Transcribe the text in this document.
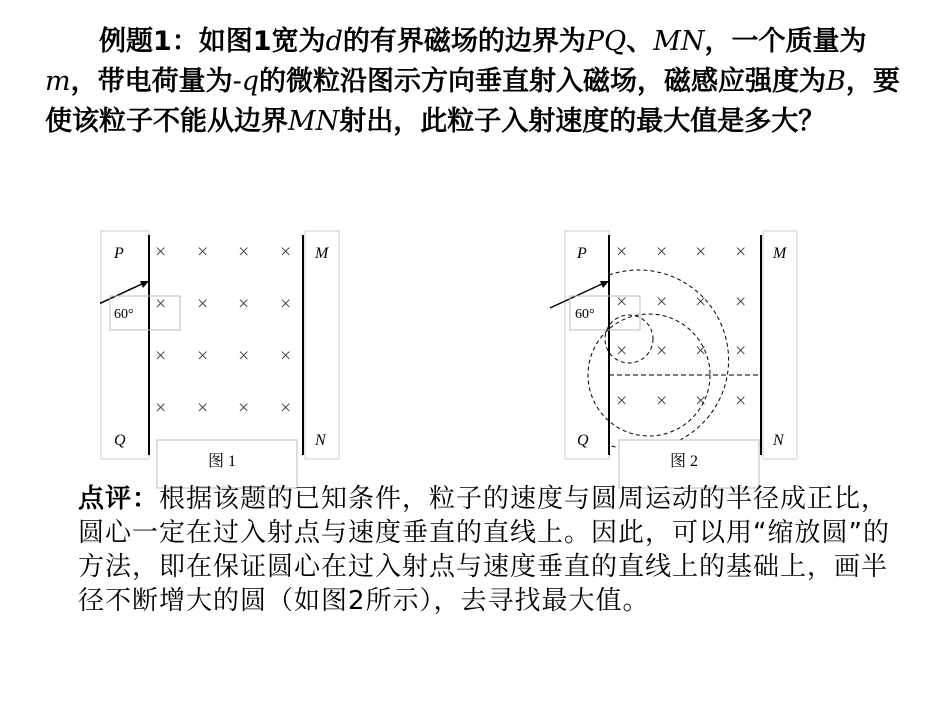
例题1：如图1宽为d的有界磁场的边界为PQ、MN，一个质量为m，带电荷量为-q的微粒沿图示方向垂直射入磁场，磁感应强度为B，要使该粒子不能从边界MN射出，此粒子入射速度的最大值是多大？
P
Q
M
N
60°
× × × ×
× × × ×
× × × ×
× × × ×
图 1
P
Q
M
N
60°
× × × ×
× × × ×
× × × ×
× × × ×
图 2
点评：根据该题的已知条件，粒子的速度与圆周运动的半径成正比，圆心一定在过入射点与速度垂直的直线上。因此，可以用“缩放圆”的方法，即在保证圆心在过入射点与速度垂直的直线上的基础上，画半径不断增大的圆（如图2所示），去寻找最大值。
